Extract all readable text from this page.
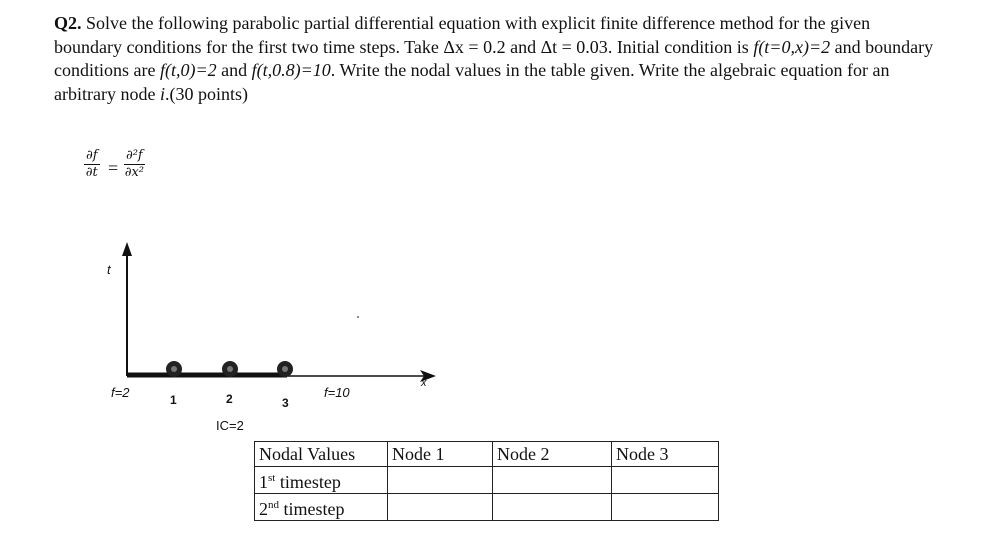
Q2. Solve the following parabolic partial differential equation with explicit finite difference method for the given boundary conditions for the first two time steps. Take Δx = 0.2 and Δt = 0.03. Initial condition is f(t=0,x)=2 and boundary conditions are f(t,0)=2 and f(t,0.8)=10. Write the nodal values in the table given. Write the algebraic equation for an arbitrary node i.(30 points)

$\frac{\partial f}{\partial t} = \frac{\text{∂²f}}{\text{∂x²}}$
t
x
f=2	f=10
1	2	3
IC=2
Nodal Values	Node 1	Node 2	Node 3
1st timestep			
2nd timestep			
